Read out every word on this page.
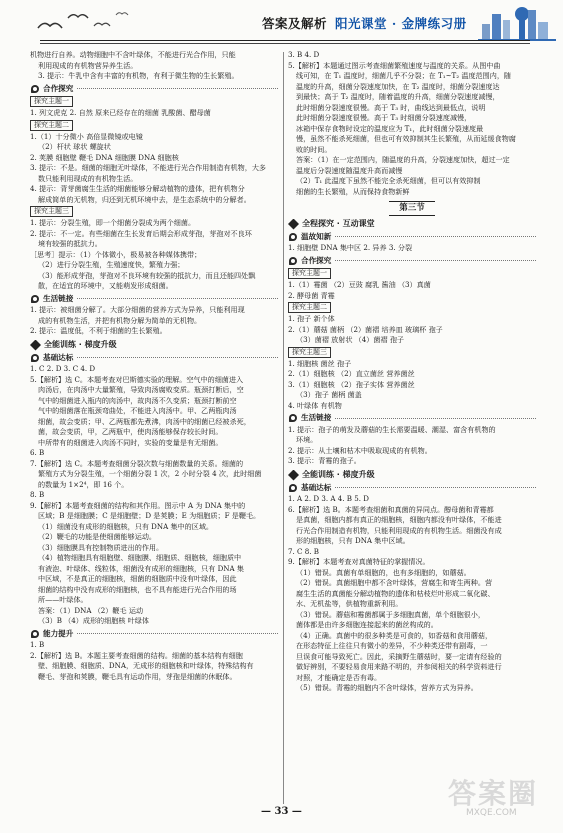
答案及解析 阳光课堂 · 金牌练习册
机物进行自养。动物细胞中不含叶绿体，不能进行光合作用，只能
利用现成的有机物营异养生活。
3. 提示：牛乳中含有丰富的有机物，有利于微生物的生长繁殖。
合作探究
探究主题一
1. 列文虎克 2. 自然 原来已经存在的细菌 乳酸菌、醋母菌
探究主题二
1.（1）十分微小 高倍显微镜或电镜
（2）杆状 球状 螺旋状
2. 荚膜 细胞壁 鞭毛 DNA 细胞膜 DNA 细胞核
3. 提示：不是。细菌的细胞无叶绿体，不能进行光合作用制造有机物，大多
数只能利用现成的有机物生活。
4. 提示：背芽菌腐生生活的细菌能够分解动植物的遗体，把有机物分
解成简单的无机物，归还到无机环境中去，是生态系统中的分解者。
探究主题三
1. 提示：分裂生殖，即一个细菌分裂成为两个细菌。
2. 提示：不一定。有些细菌在生长发育后期会形成芽孢，芽孢对不良环
境有较强的抵抗力。
［思考］提示：（1）个体微小，极易被各种媒体携带；
（2）进行分裂生殖，生殖速度快，繁殖力强；
（3）能形成芽孢，芽孢对不良环境有较强的抵抗力，而且还能四处飘
散，在适宜的环境中，又能萌发形成细菌。
生活链接
1. 提示：被细菌分解了。大部分细菌的营养方式为异养，只能利用现
成的有机物生活，并把有机物分解为简单的无机物。
2. 提示：温度低，不利于细菌的生长繁殖。
全能训练 · 梯度升级
基础达标
1. C 2. D 3. C 4. D
5.【解析】选 C。本题考查对巴斯德实验的理解。空气中的细菌进入
肉汤后，在肉汤中大量繁殖，导致肉汤腐败变质。瓶颈打断后，空
气中的细菌进入瓶内的肉汤中，故肉汤不久变质；瓶颈打断前空
气中的细菌落在瓶颈弯曲处，不能进入肉汤中。甲、乙两瓶肉汤
细菌，故会变质；甲、乙两瓶都先煮沸，肉汤中的细菌已经被杀死，
菌，故会变质，甲，乙两瓶中，使肉汤能够保存较长时间。
中所带有的细菌进入肉汤不同时，实验的变量是有无细菌。
6. B
7.【解析】选 C。本题考查细菌分裂次数与细菌数量的关系。细菌的
繁殖方式为分裂生殖，一个细菌分裂 1 次，2 小时分裂 4 次，此时细菌
的数量为 1×2⁴，即 16 个。
8. B
9.【解析】本题考查细菌的结构和其作用。图示中 A 为 DNA 集中的
区域；B 是细胞膜；C 是细胞壁；D 是荚膜；E 为细胞质；F 是鞭毛。
（1）细菌没有成形的细胞核，只有 DNA 集中的区域。
（2）鞭毛的功能是使细菌能够运动。
（3）细胞膜具有控制物质进出的作用。
（4）植物细胞具有细胞壁、细胞膜、细胞质、细胞核，细胞质中
有液泡、叶绿体、线粒体，细菌没有成形的细胞核，只有 DNA 集
中区域，不是真正的细胞核，细菌的细胞质中没有叶绿体，因此
细菌的结构中没有成形的细胞核，也不具有能进行光合作用的场
所——叶绿体。
答案：（1）DNA （2）鞭毛 运动
（3）B （4）成形的细胞核 叶绿体
能力提升
1. B
2.【解析】选 B。本题主要考查细菌的结构。细菌的基本结构有细胞
壁、细胞膜、细胞质、DNA，无成形的细胞核和叶绿体，特殊结构有
鞭毛、芽孢和荚膜，鞭毛具有运动作用，芽孢是细菌的休眠体。
3. B 4. D
5.【解析】本题通过图示考查细菌繁殖速度与温度的关系。从图中曲
线可知，在 T₁ 温度时，细菌几乎不分裂；在 T₁~T₂ 温度范围内，随
温度的升高，细菌分裂速度加快，在 T₂ 温度时，细菌分裂速度达
到最快；高于 T₂ 温度时，随着温度的升高，细菌分裂速度减慢，
此时细菌分裂速度很慢。高于 T₃ 时，曲线达到最低点，说明
此时细菌分裂速度很慢。高于 T₃ 时细菌分裂速度减慢，
冰箱中保存食物时设定的温度应为 T₁，此时细菌分裂速度最
慢，虽然不能杀死细菌，但也可有效抑制其生长繁殖，从而延缓食物腐
败的时间。
答案：（1）在一定范围内，随温度的升高，分裂速度加快，超过一定
温度后分裂速度随温度升高而减慢
（2）T₁ 此温度下虽然不能完全杀死细菌，但可以有效抑制
细菌的生长繁殖，从而保持食物新鲜
第三节
全程探究 · 互动课堂
温故知新
1. 细胞壁 DNA 集中区 2. 异养 3. 分裂
合作探究
探究主题一
1.（1）霉菌 （2）豆豉 腐乳 酱油 （3）真菌
2. 酵母菌 青霉
探究主题二
1. 孢子 新个体
2.（1）蘑菇 菌柄 （2）菌褶 培养皿 玻璃杯 孢子
（3）菌褶 放射状 （4）菌褶 孢子
探究主题三
1. 细胞核 菌丝 孢子
2.（1）细胞核 （2）直立菌丝 营养菌丝
3.（1）细胞核 （2）孢子实体 营养菌丝
（3）孢子 菌柄 菌盖
4. 叶绿体 有机物
生活链接
1. 提示：孢子的萌发及蘑菇的生长需要温暖、潮湿、富含有机物的
环境。
2. 提示：从土壤和枯木中吸取现成的有机物。
3. 提示：青霉的孢子。
全能训练 · 梯度升级
基础达标
1. A 2. D 3. A 4. B 5. D
6.【解析】选 B。本题考查细菌和真菌的异同点。醇母菌和青霉都
是真菌，细胞内都有真正的细胞核，细胞内都没有叶绿体，不能进
行光合作用制造有机物，只能利用现成的有机物生活。细菌没有成
形的细胞核，只有 DNA 集中区域。
7. C 8. B
9.【解析】本题考查对真菌特征的掌握情况。
（1）错误。真菌有单细胞的，也有多细胞的，如蘑菇。
（2）错误。真菌细胞中都不含叶绿体，营腐生和寄生两种。营
腐生生活的真菌能分解动植物的遗体和枯枝烂叶形成二氧化碳、
水、无机盐等，供植物重新利用。
（3）错误。蘑菇和霉菌都属于多细胞真菌，单个细胞很小，
菌体都是由许多细胞连接起来的菌丝构成的。
（4）正确。真菌中的很多种类是可食的，如香菇和食用蘑菇，
在形态特征上往往只有微小的差异，不少种类还带有剧毒，一
旦误食可能导致死亡。因此，采摘野生蘑菇时，要一定请有经验的
做好辨别，不要轻易食用来路不明的，并参阅相关的科学资料进行
对照，才能确定是否有毒。
（5）错误。青霉的细胞内不含叶绿体，营养方式为异养。
— 33 —
答案圈
MXQE.COM
